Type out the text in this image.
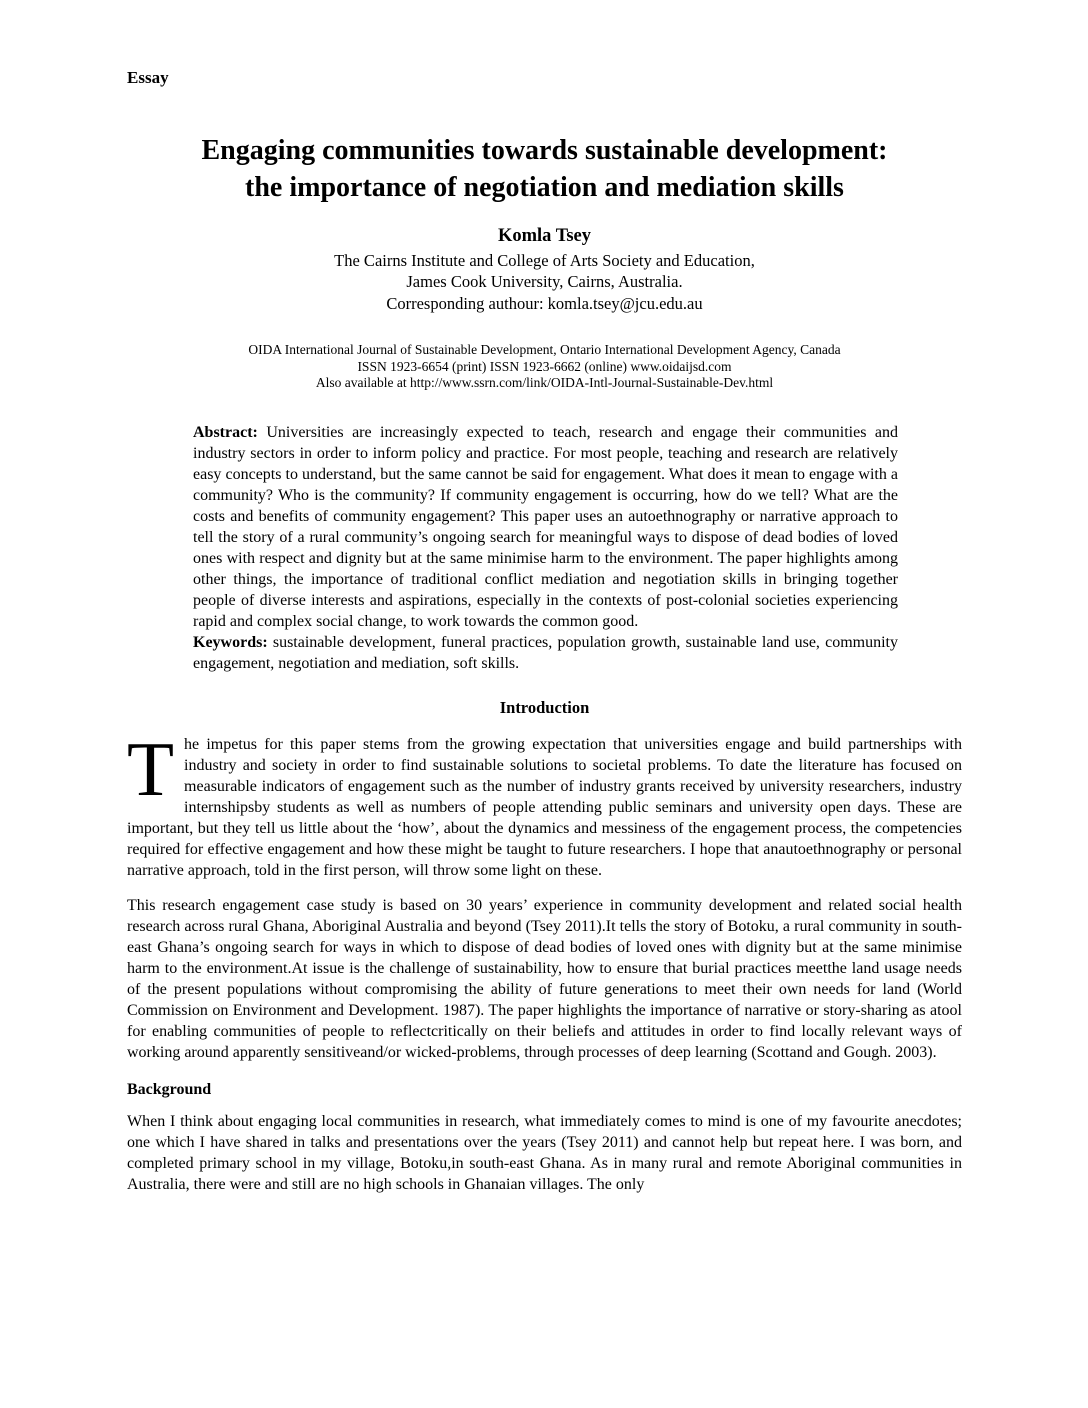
Essay

Engaging communities towards sustainable development:
the importance of negotiation and mediation skills
Komla Tsey
The Cairns Institute and College of Arts Society and Education,
James Cook University, Cairns, Australia.
Corresponding authour: komla.tsey@jcu.edu.au
OIDA International Journal of Sustainable Development, Ontario International Development Agency, Canada
ISSN 1923-6654 (print) ISSN 1923-6662 (online) www.oidaijsd.com
Also available at http://www.ssrn.com/link/OIDA-Intl-Journal-Sustainable-Dev.html

Abstract: Universities are increasingly expected to teach, research and engage their communities and industry sectors in order to inform policy and practice. For most people, teaching and research are relatively easy concepts to understand, but the same cannot be said for engagement. What does it mean to engage with a community? Who is the community? If community engagement is occurring, how do we tell? What are the costs and benefits of community engagement? This paper uses an autoethnography or narrative approach to tell the story of a rural community’s ongoing search for meaningful ways to dispose of dead bodies of loved ones with respect and dignity but at the same minimise harm to the environment. The paper highlights among other things, the importance of traditional conflict mediation and negotiation skills in bringing together people of diverse interests and aspirations, especially in the contexts of post-colonial societies experiencing rapid and complex social change, to work towards the common good.

Keywords: sustainable development, funeral practices, population growth, sustainable land use, community engagement, negotiation and mediation, soft skills.

Introduction

The impetus for this paper stems from the growing expectation that universities engage and build partnerships with industry and society in order to find sustainable solutions to societal problems. To date the literature has focused on measurable indicators of engagement such as the number of industry grants received by university researchers, industry internshipsby students as well as numbers of people attending public seminars and university open days. These are important, but they tell us little about the ‘how’, about the dynamics and messiness of the engagement process, the competencies required for effective engagement and how these might be taught to future researchers. I hope that anautoethnography or personal narrative approach, told in the first person, will throw some light on these.

This research engagement case study is based on 30 years’ experience in community development and related social health research across rural Ghana, Aboriginal Australia and beyond (Tsey 2011).It tells the story of Botoku, a rural community in south-east Ghana’s ongoing search for ways in which to dispose of dead bodies of loved ones with dignity but at the same minimise harm to the environment.At issue is the challenge of sustainability, how to ensure that burial practices meetthe land usage needs of the present populations without compromising the ability of future generations to meet their own needs for land (World Commission on Environment and Development. 1987). The paper highlights the importance of narrative or story-sharing as atool for enabling communities of people to reflectcritically on their beliefs and attitudes in order to find locally relevant ways of working around apparently sensitiveand/or wicked-problems, through processes of deep learning (Scottand and Gough. 2003).

Background

When I think about engaging local communities in research, what immediately comes to mind is one of my favourite anecdotes; one which I have shared in talks and presentations over the years (Tsey 2011) and cannot help but repeat here. I was born, and completed primary school in my village, Botoku,in south-east Ghana. As in many rural and remote Aboriginal communities in Australia, there were and still are no high schools in Ghanaian villages. The only
